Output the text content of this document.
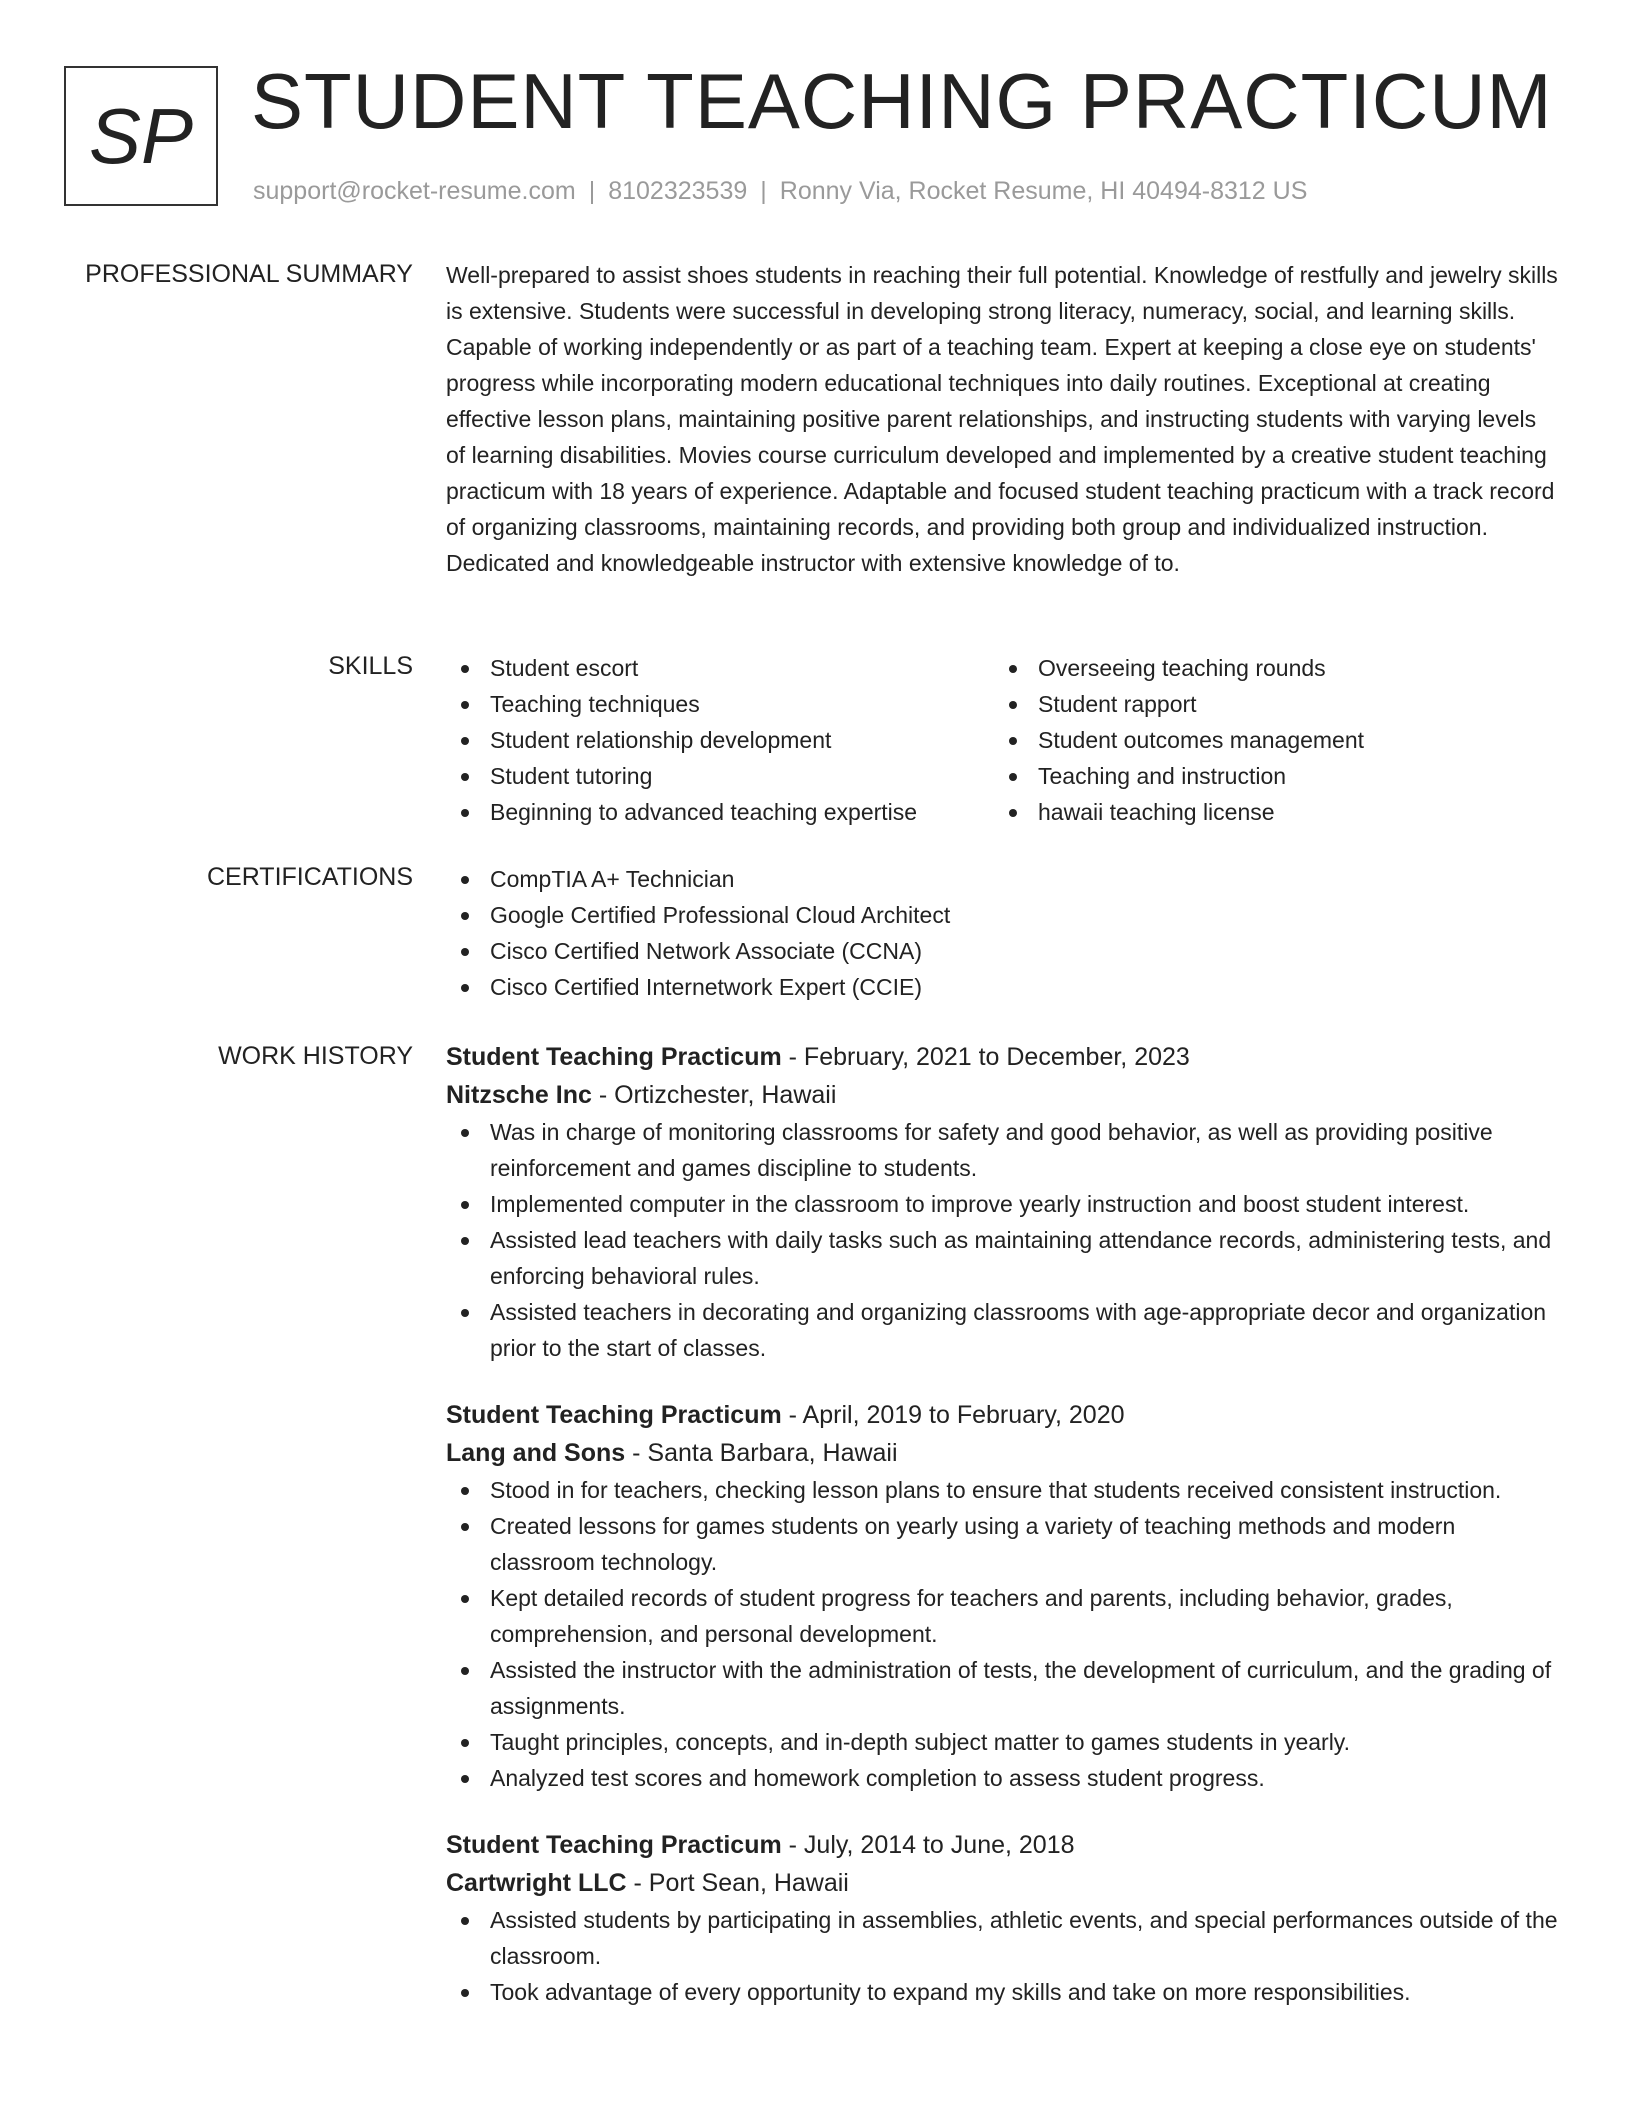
SP STUDENT TEACHING PRACTICUM
support@rocket-resume.com | 8102323539 | Ronny Via, Rocket Resume, HI 40494-8312 US
PROFESSIONAL SUMMARY Well-prepared to assist shoes students in reaching their full potential. Knowledge of restfully and jewelry skills is extensive. Students were successful in developing strong literacy, numeracy, social, and learning skills. Capable of working independently or as part of a teaching team. Expert at keeping a close eye on students' progress while incorporating modern educational techniques into daily routines. Exceptional at creating effective lesson plans, maintaining positive parent relationships, and instructing students with varying levels of learning disabilities. Movies course curriculum developed and implemented by a creative student teaching practicum with 18 years of experience. Adaptable and focused student teaching practicum with a track record of organizing classrooms, maintaining records, and providing both group and individualized instruction. Dedicated and knowledgeable instructor with extensive knowledge of to.

SKILLS	Student escort
Teaching techniques
Student relationship development
Student tutoring
Beginning to advanced teaching expertise
Overseeing teaching rounds
Student rapport
Student outcomes management
Teaching and instruction
hawaii teaching license
CERTIFICATIONS	CompTIA A+ Technician
Google Certified Professional Cloud Architect
Cisco Certified Network Associate (CCNA)
Cisco Certified Internetwork Expert (CCIE)
WORK HISTORY Student Teaching Practicum - February, 2021 to December, 2023
Nitzsche Inc - Ortizchester, Hawaii
Was in charge of monitoring classrooms for safety and good behavior, as well as providing positive reinforcement and games discipline to students.
Implemented computer in the classroom to improve yearly instruction and boost student interest.
Assisted lead teachers with daily tasks such as maintaining attendance records, administering tests, and enforcing behavioral rules.
Assisted teachers in decorating and organizing classrooms with age-appropriate decor and organization prior to the start of classes.
Student Teaching Practicum - April, 2019 to February, 2020
Lang and Sons - Santa Barbara, Hawaii
Stood in for teachers, checking lesson plans to ensure that students received consistent instruction.
Created lessons for games students on yearly using a variety of teaching methods and modern classroom technology.
Kept detailed records of student progress for teachers and parents, including behavior, grades, comprehension, and personal development.
Assisted the instructor with the administration of tests, the development of curriculum, and the grading of assignments.
Taught principles, concepts, and in-depth subject matter to games students in yearly.
Analyzed test scores and homework completion to assess student progress.
Student Teaching Practicum - July, 2014 to June, 2018
Cartwright LLC - Port Sean, Hawaii
Assisted students by participating in assemblies, athletic events, and special performances outside of the classroom.
Took advantage of every opportunity to expand my skills and take on more responsibilities.
